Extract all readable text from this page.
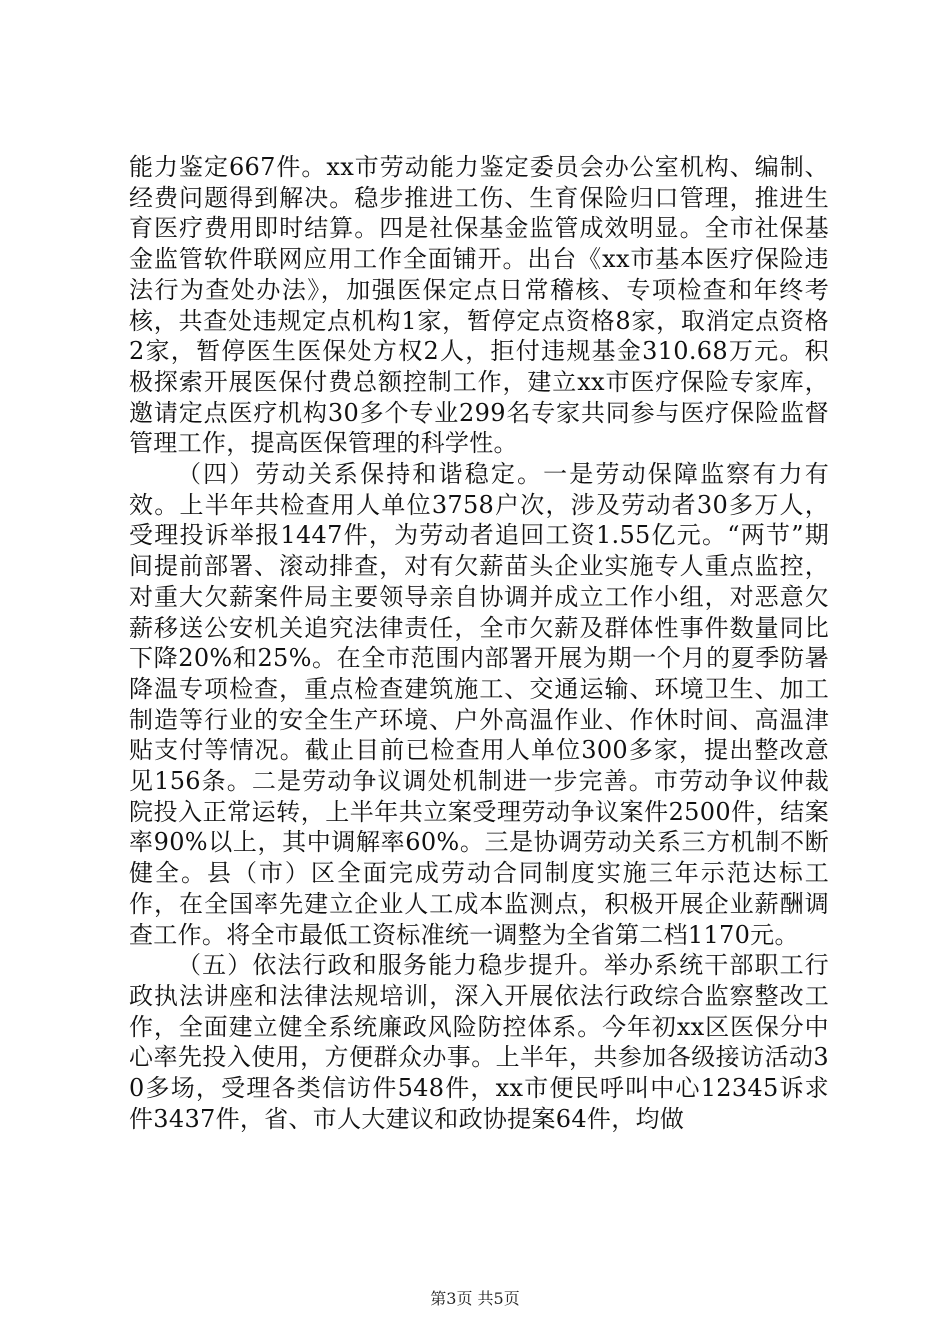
能力鉴定667件。xx市劳动能力鉴定委员会办公室机构、编制、经费问题得到解决。稳步推进工伤、生育保险归口管理，推进生育医疗费用即时结算。四是社保基金监管成效明显。全市社保基金监管软件联网应用工作全面铺开。出台《xx市基本医疗保险违法行为查处办法》，加强医保定点日常稽核、专项检查和年终考核，共查处违规定点机构1家，暂停定点资格8家，取消定点资格2家，暂停医生医保处方权2人，拒付违规基金310.68万元。积极探索开展医保付费总额控制工作，建立xx市医疗保险专家库，邀请定点医疗机构30多个专业299名专家共同参与医疗保险监督管理工作，提高医保管理的科学性。

（四）劳动关系保持和谐稳定。一是劳动保障监察有力有效。上半年共检查用人单位3758户次，涉及劳动者30多万人，受理投诉举报1447件，为劳动者追回工资1.55亿元。“两节”期间提前部署、滚动排查，对有欠薪苗头企业实施专人重点监控，对重大欠薪案件局主要领导亲自协调并成立工作小组，对恶意欠薪移送公安机关追究法律责任，全市欠薪及群体性事件数量同比下降20%和25%。在全市范围内部署开展为期一个月的夏季防暑降温专项检查，重点检查建筑施工、交通运输、环境卫生、加工制造等行业的安全生产环境、户外高温作业、作休时间、高温津贴支付等情况。截止目前已检查用人单位300多家，提出整改意见156条。二是劳动争议调处机制进一步完善。市劳动争议仲裁院投入正常运转，上半年共立案受理劳动争议案件2500件，结案率90%以上，其中调解率60%。三是协调劳动关系三方机制不断健全。县（市）区全面完成劳动合同制度实施三年示范达标工作，在全国率先建立企业人工成本监测点，积极开展企业薪酬调查工作。将全市最低工资标准统一调整为全省第二档1170元。

（五）依法行政和服务能力稳步提升。举办系统干部职工行政执法讲座和法律法规培训，深入开展依法行政综合监察整改工作，全面建立健全系统廉政风险防控体系。今年初xx区医保分中心率先投入使用，方便群众办事。上半年，共参加各级接访活动30多场，受理各类信访件548件，xx市便民呼叫中心12345诉求件3437件，省、市人大建议和政协提案64件，均做

第3页 共5页
